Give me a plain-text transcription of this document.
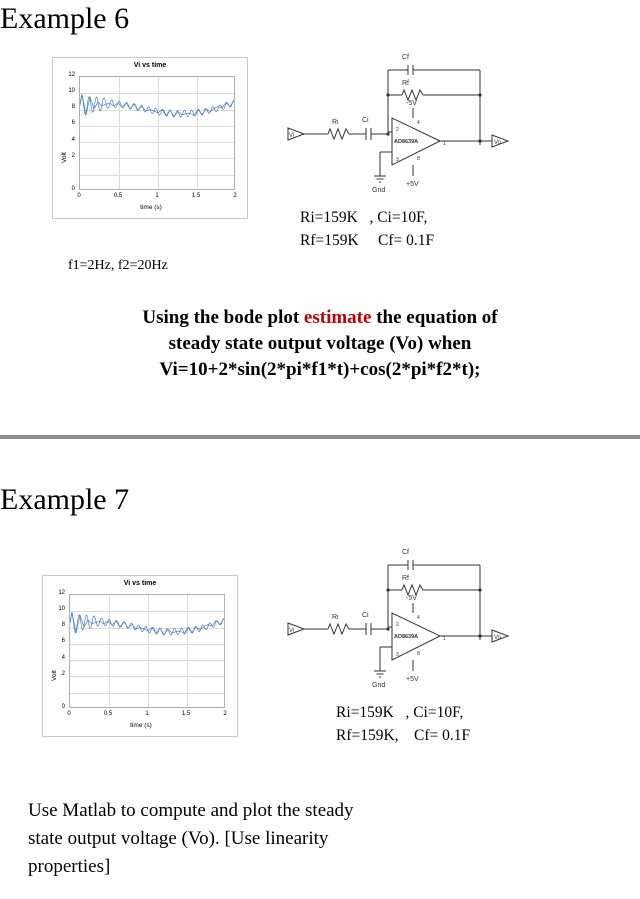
Example 6
Vi vs time
Volt
12
10
8
6
4
2
0
0	0.5	1	1.5	2
time (s)
Cf
Rf
Ci
Ri
Vi
Vo
Gnd
-5V
+5V
AD8639A
2
3
4
8
1
Ri=159K   , Ci=10F,
Rf=159K     Cf= 0.1F
f1=2Hz, f2=20Hz
Using the bode plot estimate the equation of
steady state output voltage (Vo) when
Vi=10+2*sin(2*pi*f1*t)+cos(2*pi*f2*t);
Example 7
Vi vs time
Volt
12
10
8
6
4
2
0
0	0.5	1	1.5	2
time (s)
Cf
Rf
Ci
Ri
Vi
Vo
Gnd
-5V
+5V
AD8639A
2
3
4
8
1
Ri=159K   , Ci=10F,
Rf=159K,    Cf= 0.1F
Use Matlab to compute and plot the steady
state output voltage (Vo). [Use linearity
properties]
